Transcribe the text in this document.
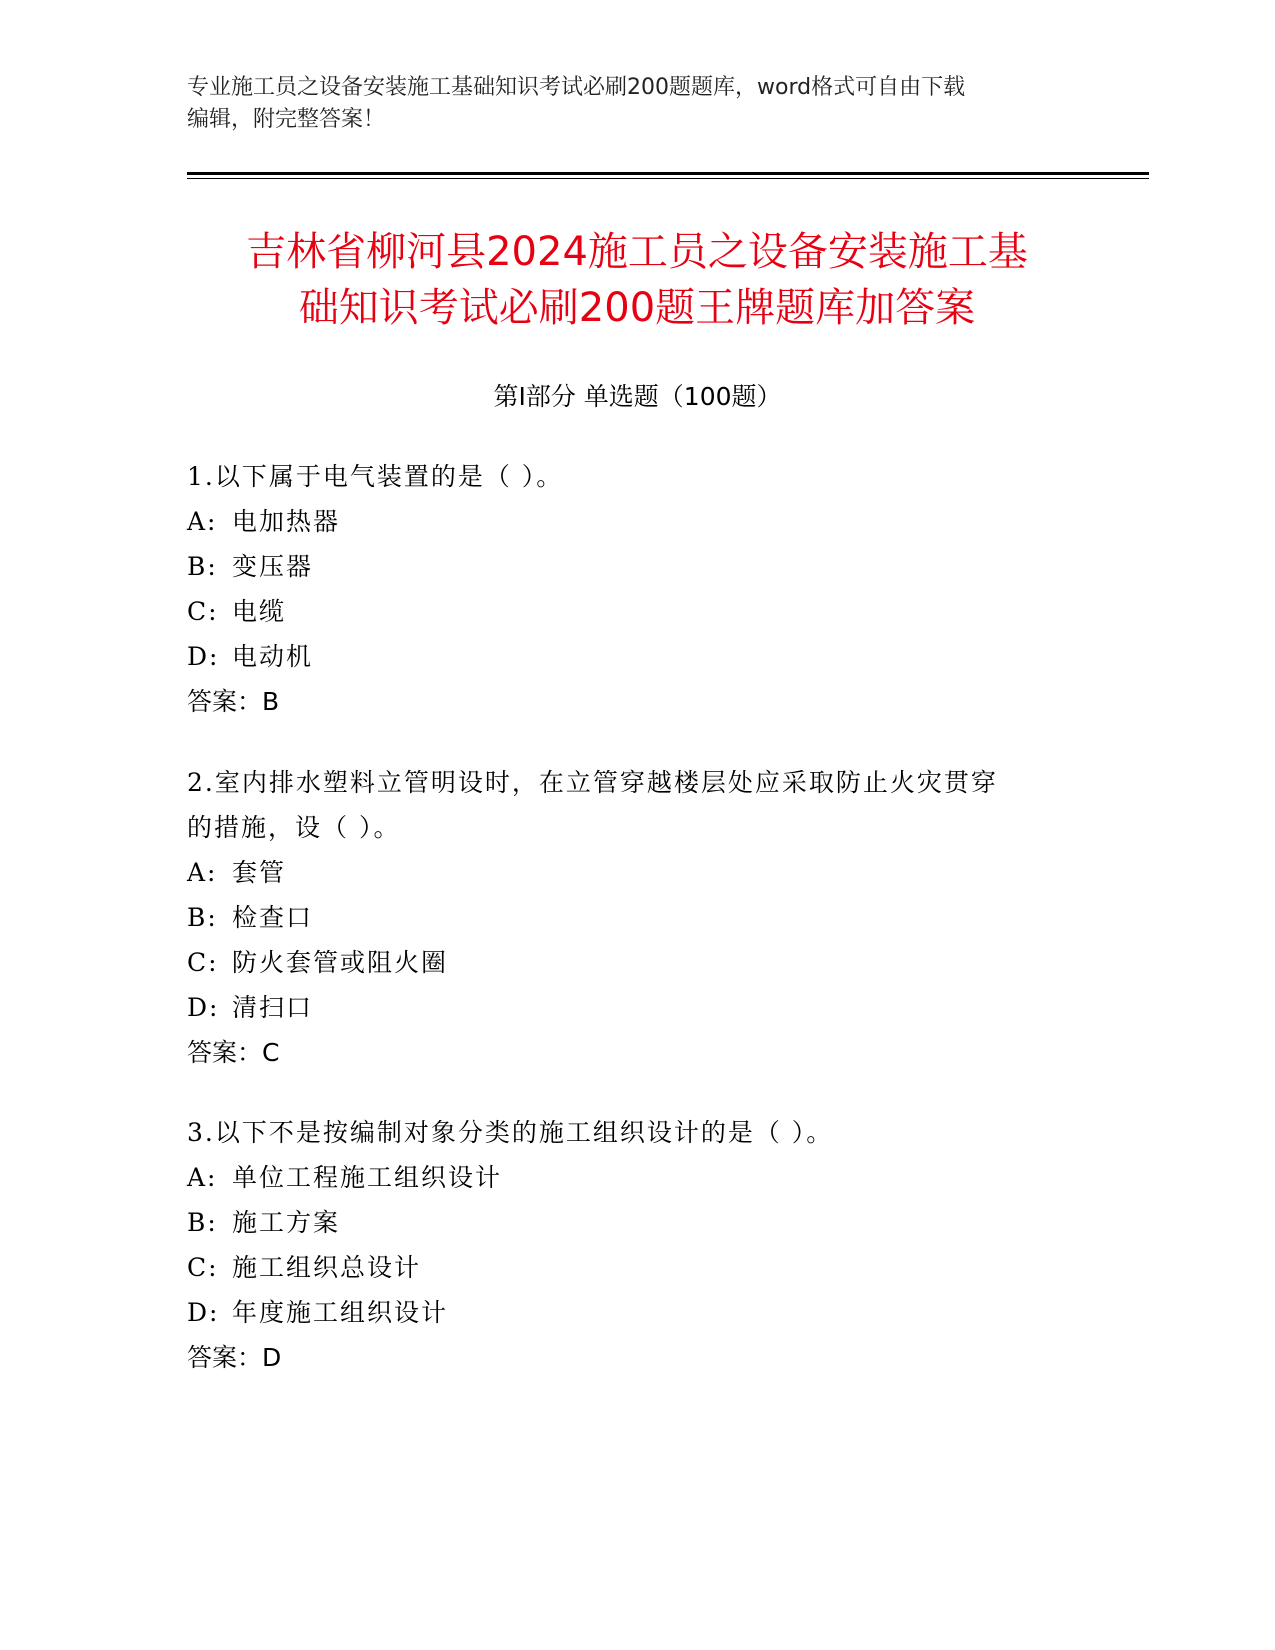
专业施工员之设备安装施工基础知识考试必刷200题题库，word格式可自由下载
编辑，附完整答案！
吉林省柳河县2024施工员之设备安装施工基
础知识考试必刷200题王牌题库加答案
第Ⅰ部分 单选题（100题）
1.以下属于电气装置的是（ ）。
A: 电加热器
B: 变压器
C: 电缆
D: 电动机
答案：B
2.室内排水塑料立管明设时，在立管穿越楼层处应采取防止火灾贯穿
的措施，设（ ）。
A: 套管
B: 检查口
C: 防火套管或阻火圈
D: 清扫口
答案：C
3.以下不是按编制对象分类的施工组织设计的是（ ）。
A: 单位工程施工组织设计
B: 施工方案
C: 施工组织总设计
D: 年度施工组织设计
答案：D
